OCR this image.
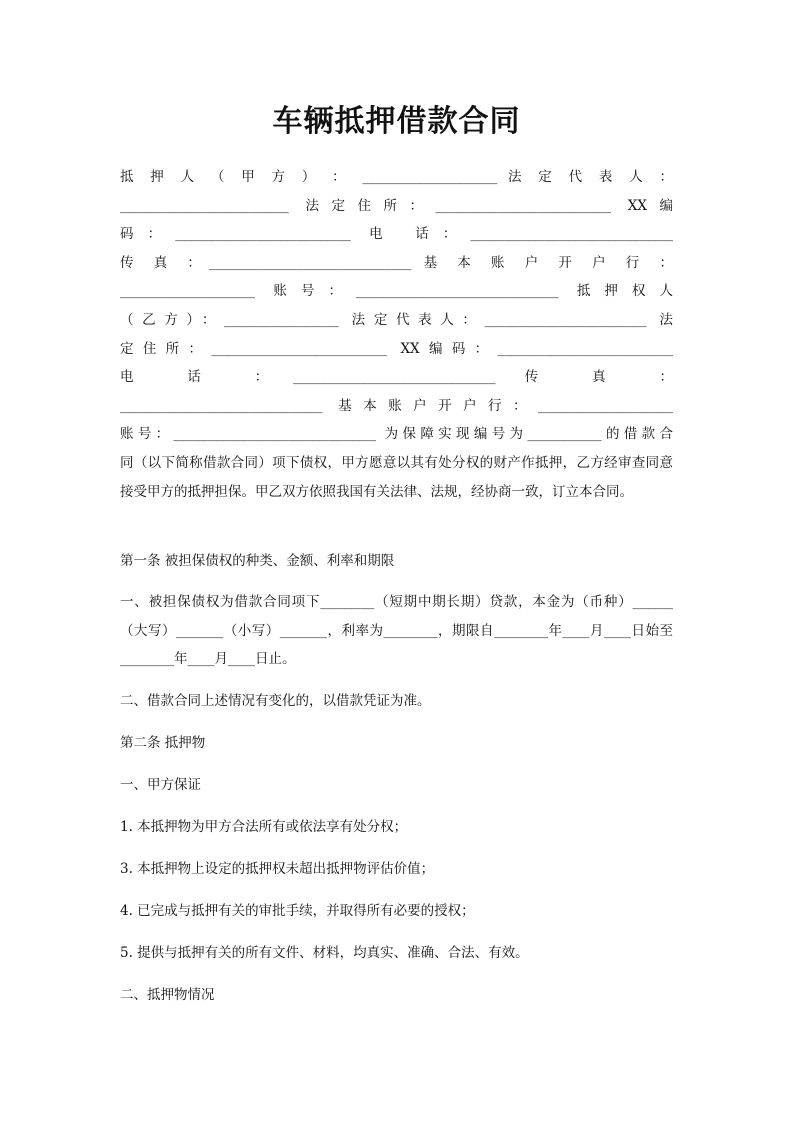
车辆抵押借款合同
抵 押 人 （ 甲 方 ） ： ____________________ 法 定 代 表 人 ：
_________________________ 法定住所：__________________________ XX编
码：__________________________ 电 话：______________________________
传 真 ：______________________________ 基 本 账 户 开 户 行 ：
____________________ 账号：______________________________ 抵押权人
（乙方）：_________________ 法定代表人：________________________ 法
定住所：__________________________ XX编码：__________________________
电 话 ：______________________________ 传 真 ：
______________________________ 基本账户开户行：____________________
账号：______________________________ 为保障实现编号为___________的借款合
同（以下简称借款合同）项下债权，甲方愿意以其有处分权的财产作抵押，乙方经审查同意接受甲方的抵押担保。甲乙双方依照我国有关法律、法规，经协商一致，订立本合同。
第一条 被担保债权的种类、金额、利率和期限
一、被担保债权为借款合同项下________（短期中期长期）贷款，本金为（币种）______（大写）_______（小写）_______，利率为________，期限自________年____月____日始至________年____月____日止。
二、借款合同上述情况有变化的，以借款凭证为准。
第二条 抵押物
一、甲方保证
1. 本抵押物为甲方合法所有或依法享有处分权；
3. 本抵押物上设定的抵押权未超出抵押物评估价值；
4. 已完成与抵押有关的审批手续，并取得所有必要的授权；
5. 提供与抵押有关的所有文件、材料，均真实、准确、合法、有效。
二、抵押物情况
